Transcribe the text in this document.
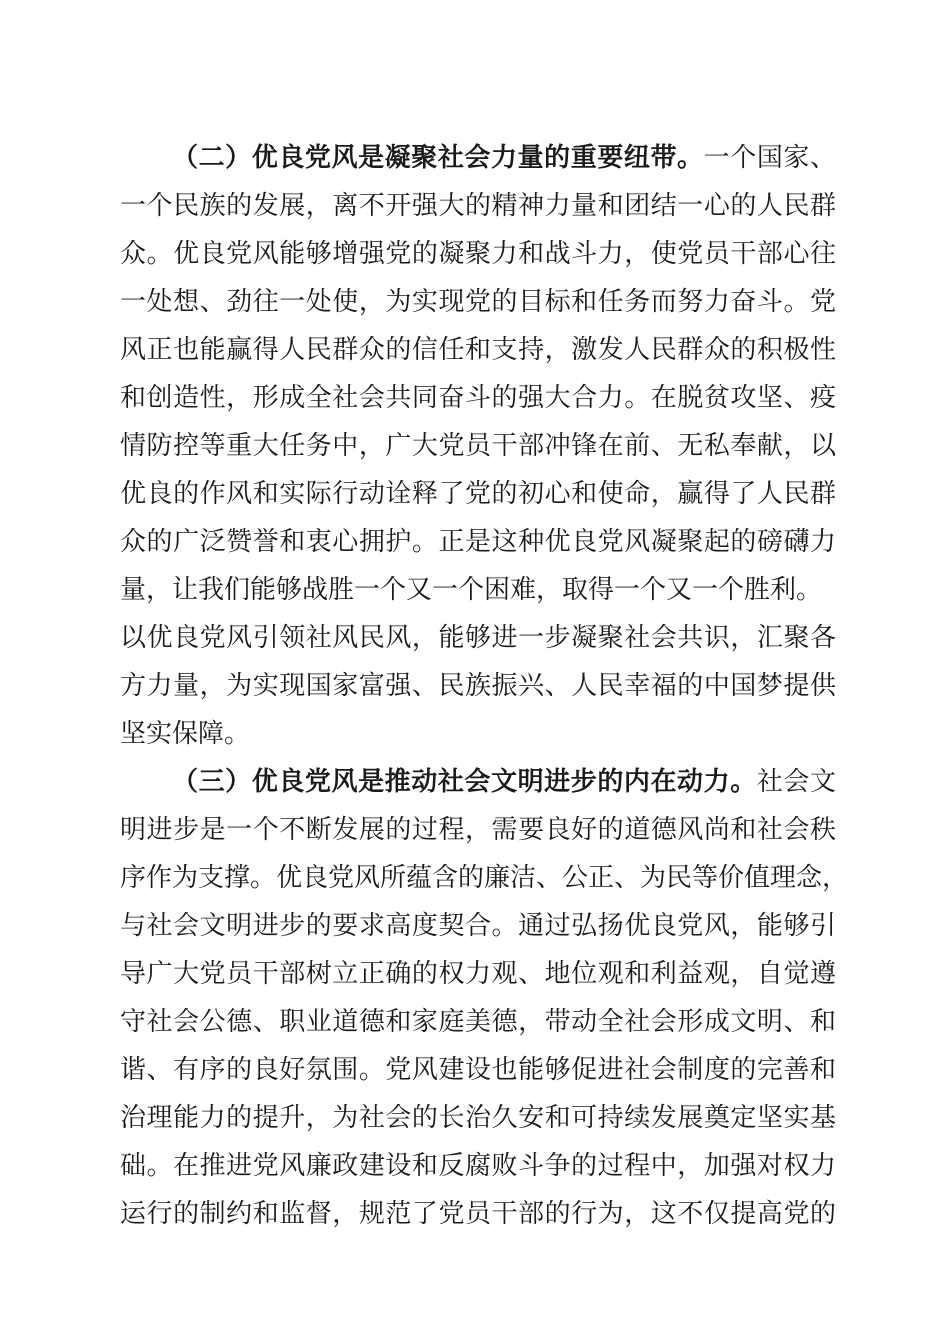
（二）优良党风是凝聚社会力量的重要纽带。一个国家、
一个民族的发展，离不开强大的精神力量和团结一心的人民群
众。优良党风能够增强党的凝聚力和战斗力，使党员干部心往
一处想、劲往一处使，为实现党的目标和任务而努力奋斗。党
风正也能赢得人民群众的信任和支持，激发人民群众的积极性
和创造性，形成全社会共同奋斗的强大合力。在脱贫攻坚、疫
情防控等重大任务中，广大党员干部冲锋在前、无私奉献，以
优良的作风和实际行动诠释了党的初心和使命，赢得了人民群
众的广泛赞誉和衷心拥护。正是这种优良党风凝聚起的磅礴力
量，让我们能够战胜一个又一个困难，取得一个又一个胜利。
以优良党风引领社风民风，能够进一步凝聚社会共识，汇聚各
方力量，为实现国家富强、民族振兴、人民幸福的中国梦提供
坚实保障。
（三）优良党风是推动社会文明进步的内在动力。社会文
明进步是一个不断发展的过程，需要良好的道德风尚和社会秩
序作为支撑。优良党风所蕴含的廉洁、公正、为民等价值理念，
与社会文明进步的要求高度契合。通过弘扬优良党风，能够引
导广大党员干部树立正确的权力观、地位观和利益观，自觉遵
守社会公德、职业道德和家庭美德，带动全社会形成文明、和
谐、有序的良好氛围。党风建设也能够促进社会制度的完善和
治理能力的提升，为社会的长治久安和可持续发展奠定坚实基
础。在推进党风廉政建设和反腐败斗争的过程中，加强对权力
运行的制约和监督，规范了党员干部的行为，这不仅提高党的
